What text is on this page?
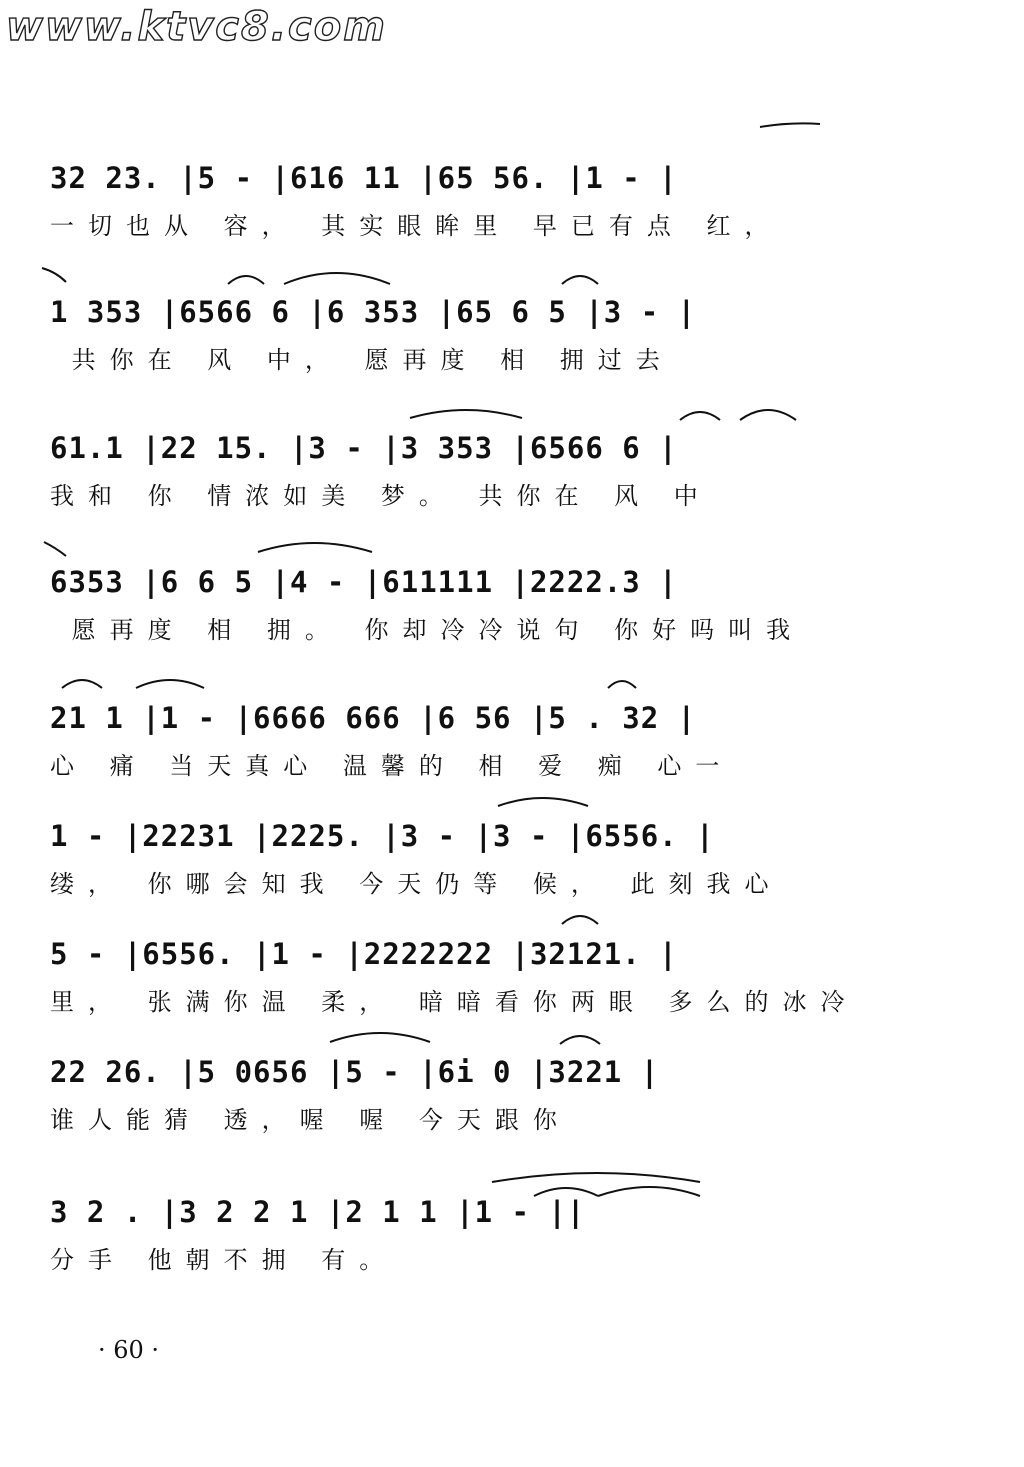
www.ktvc8.com
32 23. |5 - |616 11 |65 56. |1 - |
一切也从 容， 其实眼眸里 早已有点 红，
1 353 |6566 6 |6 353 |65 6 5 |3 - |
共你在 风 中， 愿再度 相 拥过去
61.1 |22 15. |3 - |3 353 |6566 6 |
我和 你 情浓如美 梦。 共你在 风 中
6353 |6 6 5 |4 - |611111 |2222.3 |
愿再度 相 拥。 你却冷冷说句 你好吗叫我
21 1 |1 - |6666 666 |6 56 |5 . 32 |
心 痛 当天真心 温馨的 相 爱 痴 心一
1 - |22231 |2225. |3 - |3 - |6556. |
缕， 你哪会知我 今天仍等 候， 此刻我心
5 - |6556. |1 - |2222222 |32121. |
里， 张满你温 柔， 暗暗看你两眼 多么的冰冷
22 26. |5 0656 |5 - |6i 0 |3221 |
谁人能猜 透，喔 喔 今天跟你
3 2 . |3 2 2 1 |2 1 1 |1 - ||
分手 他朝不拥 有。
· 60 ·
